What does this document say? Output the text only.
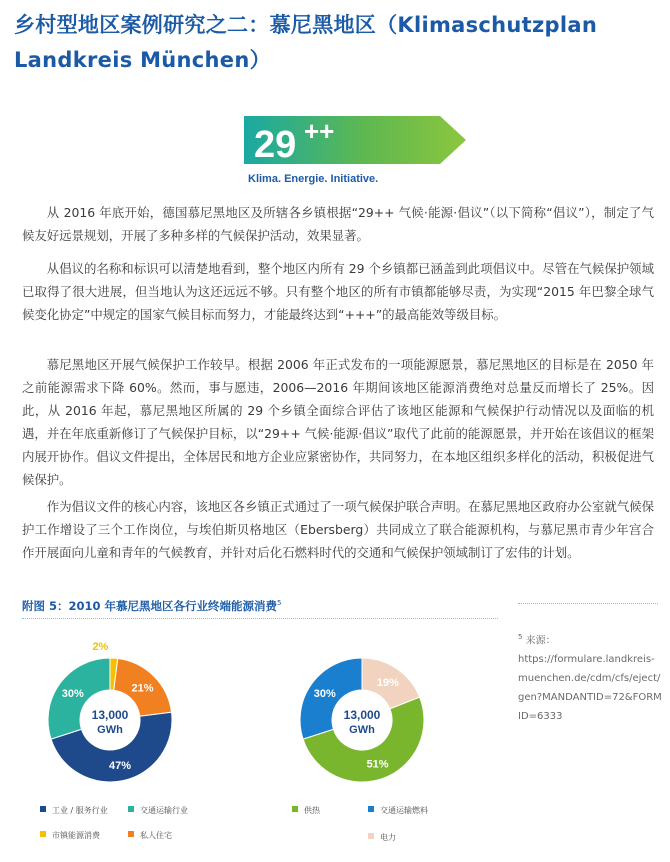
乡村型地区案例研究之二：慕尼黑地区（Klimaschutzplan Landkreis München）
29 ++
Klima. Energie. Initiative.

从 2016 年底开始，德国慕尼黑地区及所辖各乡镇根据“29++ 气候·能源·倡议”（以下简称“倡议”），制定了气候友好远景规划，开展了多种多样的气候保护活动，效果显著。

从倡议的名称和标识可以清楚地看到，整个地区内所有 29 个乡镇都已涵盖到此项倡议中。尽管在气候保护领域已取得了很大进展，但当地认为这还远远不够。只有整个地区的所有市镇都能够尽责，为实现“2015 年巴黎全球气候变化协定”中规定的国家气候目标而努力，才能最终达到“+++”的最高能效等级目标。

慕尼黑地区开展气候保护工作较早。根据 2006 年正式发布的一项能源愿景，慕尼黑地区的目标是在 2050 年之前能源需求下降 60%。然而，事与愿违，2006—2016 年期间该地区能源消费绝对总量反而增长了 25%。因此，从 2016 年起，慕尼黑地区所属的 29 个乡镇全面综合评估了该地区能源和气候保护行动情况以及面临的机遇，并在年底重新修订了气候保护目标，以“29++ 气候·能源·倡议”取代了此前的能源愿景，并开始在该倡议的框架内展开协作。倡议文件提出，全体居民和地方企业应紧密协作，共同努力，在本地区组织多样化的活动，积极促进气候保护。

作为倡议文件的核心内容，该地区各乡镇正式通过了一项气候保护联合声明。在慕尼黑地区政府办公室就气候保护工作增设了三个工作岗位，与埃伯斯贝格地区（Ebersberg）共同成立了联合能源机构，与慕尼黑市青少年宫合作开展面向儿童和青年的气候教育，并针对后化石燃料时代的交通和气候保护领域制订了宏伟的计划。

附图 5：2010 年慕尼黑地区各行业终端能源消费$^5$
$^5$ 来源：
https://formulare.landkreis-muenchen.de/cdm/cfs/eject/gen?MANDANTID=72&FORMID=6333
2%
21%
47%
30%
13,000
GWh
19%
51%
30%
13,000
GWh
工业 / 服务行业	交通运输行业
市镇能源消费	私人住宅
供热	交通运输燃料
电力
